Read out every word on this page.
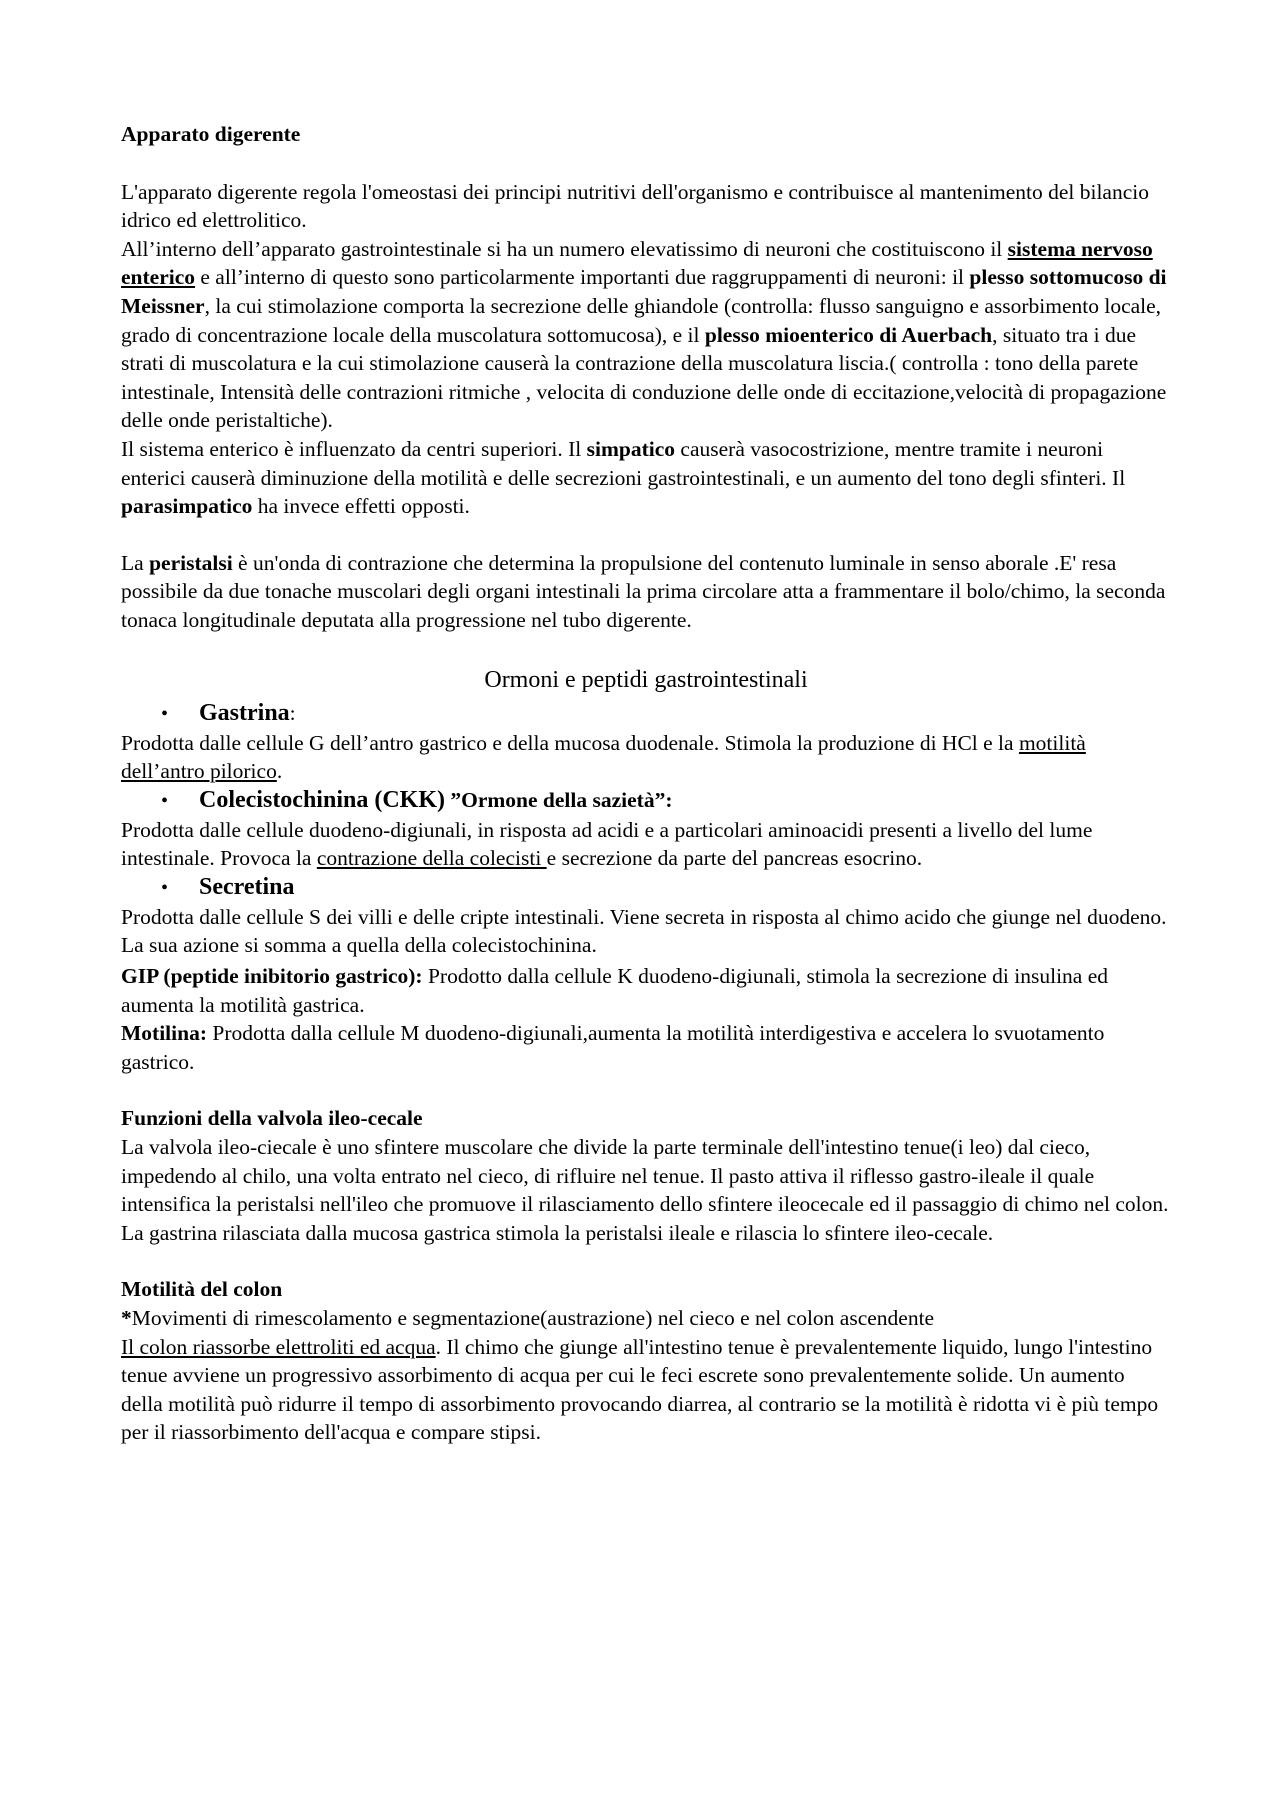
Apparato digerente

L'apparato digerente regola l'omeostasi dei principi nutritivi dell'organismo e contribuisce al mantenimento del bilancio idrico ed elettrolitico.

All’interno dell’apparato gastrointestinale si ha un numero elevatissimo di neuroni che costituiscono il sistema nervoso enterico e all’interno di questo sono particolarmente importanti due raggruppamenti di neuroni: il plesso sottomucoso di Meissner, la cui stimolazione comporta la secrezione delle ghiandole (controlla: flusso sanguigno e assorbimento locale, grado di concentrazione locale della muscolatura sottomucosa), e il plesso mioenterico di Auerbach, situato tra i due strati di muscolatura e la cui stimolazione causerà la contrazione della muscolatura liscia.( controlla : tono della parete intestinale, Intensità delle contrazioni ritmiche , velocita di conduzione delle onde di eccitazione,velocità di propagazione delle onde peristaltiche).

Il sistema enterico è influenzato da centri superiori. Il simpatico causerà vasocostrizione, mentre tramite i neuroni enterici causerà diminuzione della motilità e delle secrezioni gastrointestinali, e un aumento del tono degli sfinteri. Il parasimpatico ha invece effetti opposti.

La peristalsi è un'onda di contrazione che determina la propulsione del contenuto luminale in senso aborale .E' resa possibile da due tonache muscolari degli organi intestinali la prima circolare atta a frammentare il bolo/chimo, la seconda tonaca longitudinale deputata alla progressione nel tubo digerente.

Ormoni e peptidi gastrointestinali
• Gastrina:

Prodotta dalle cellule G dell’antro gastrico e della mucosa duodenale. Stimola la produzione di HCl e la motilità dell’antro pilorico.

• Colecistochinina (CKK) ”Ormone della sazietà”:

Prodotta dalle cellule duodeno-digiunali, in risposta ad acidi e a particolari aminoacidi presenti a livello del lume intestinale. Provoca la contrazione della colecisti e secrezione da parte del pancreas esocrino.

• Secretina

Prodotta dalle cellule S dei villi e delle cripte intestinali. Viene secreta in risposta al chimo acido che giunge nel duodeno. La sua azione si somma a quella della colecistochinina.

GIP (peptide inibitorio gastrico): Prodotto dalla cellule K duodeno-digiunali, stimola la secrezione di insulina ed aumenta la motilità gastrica.

Motilina: Prodotta dalla cellule M duodeno-digiunali,aumenta la motilità interdigestiva e accelera lo svuotamento gastrico.

Funzioni della valvola ileo-cecale

La valvola ileo-ciecale è uno sfintere muscolare che divide la parte terminale dell'intestino tenue(i leo) dal cieco, impedendo al chilo, una volta entrato nel cieco, di rifluire nel tenue. Il pasto attiva il riflesso gastro-ileale il quale intensifica la peristalsi nell'ileo che promuove il rilasciamento dello sfintere ileocecale ed il passaggio di chimo nel colon. La gastrina rilasciata dalla mucosa gastrica stimola la peristalsi ileale e rilascia lo sfintere ileo-cecale.

Motilità del colon

*Movimenti di rimescolamento e segmentazione(austrazione) nel cieco e nel colon ascendente

Il colon riassorbe elettroliti ed acqua. Il chimo che giunge all'intestino tenue è prevalentemente liquido, lungo l'intestino tenue avviene un progressivo assorbimento di acqua per cui le feci escrete sono prevalentemente solide. Un aumento della motilità può ridurre il tempo di assorbimento provocando diarrea, al contrario se la motilità è ridotta vi è più tempo per il riassorbimento dell'acqua e compare stipsi.
